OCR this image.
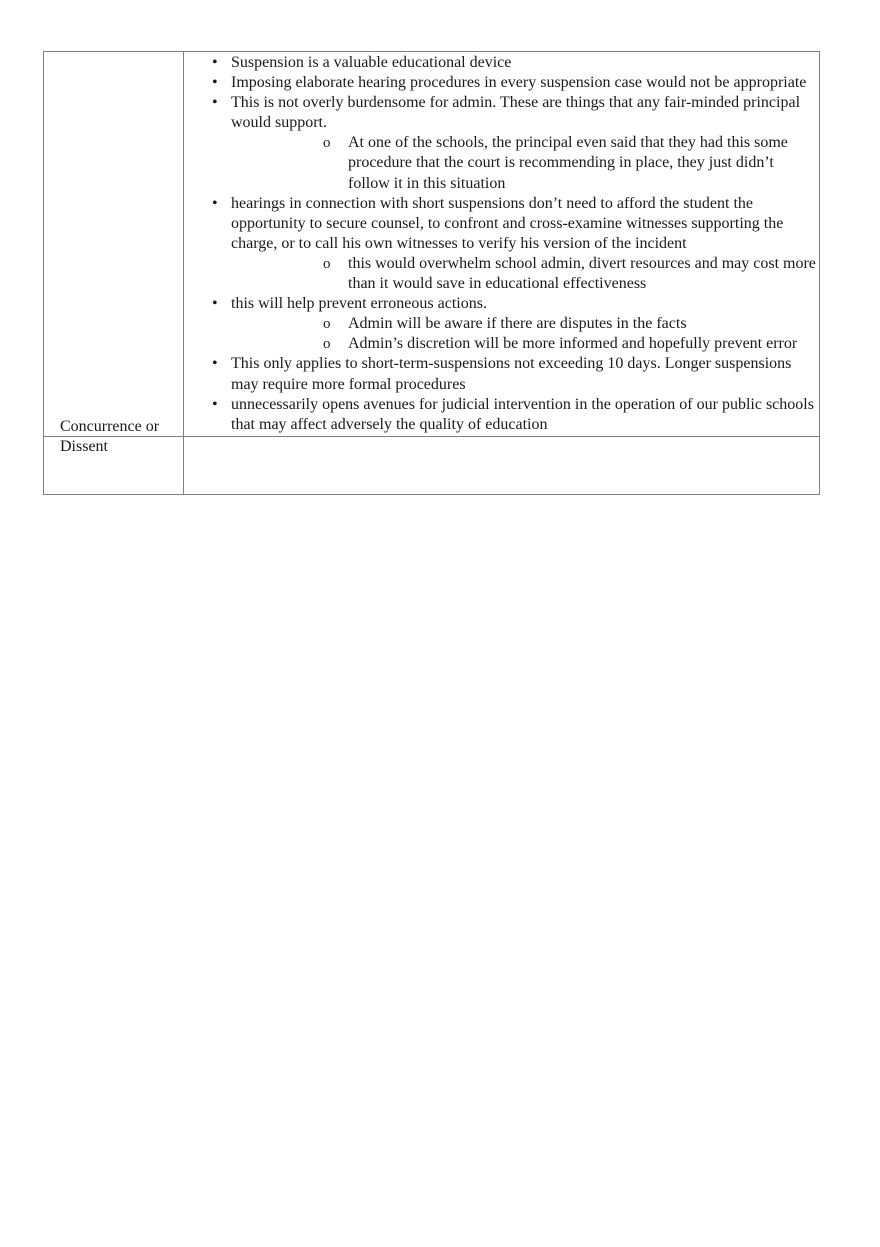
Concurrence or
Dissent
• Suspension is a valuable educational device
• Imposing elaborate hearing procedures in every suspension case would not be appropriate
• This is not overly burdensome for admin. These are things that any fair-minded principal would support.
o At one of the schools, the principal even said that they had this some procedure that the court is recommending in place, they just didn’t follow it in this situation
• hearings in connection with short suspensions don’t need to afford the student the opportunity to secure counsel, to confront and cross-examine witnesses supporting the charge, or to call his own witnesses to verify his version of the incident
o this would overwhelm school admin, divert resources and may cost more than it would save in educational effectiveness
• this will help prevent erroneous actions.
o Admin will be aware if there are disputes in the facts
o Admin’s discretion will be more informed and hopefully prevent error
• This only applies to short-term-suspensions not exceeding 10 days. Longer suspensions may require more formal procedures
• unnecessarily opens avenues for judicial intervention in the operation of our public schools that may affect adversely the quality of education
